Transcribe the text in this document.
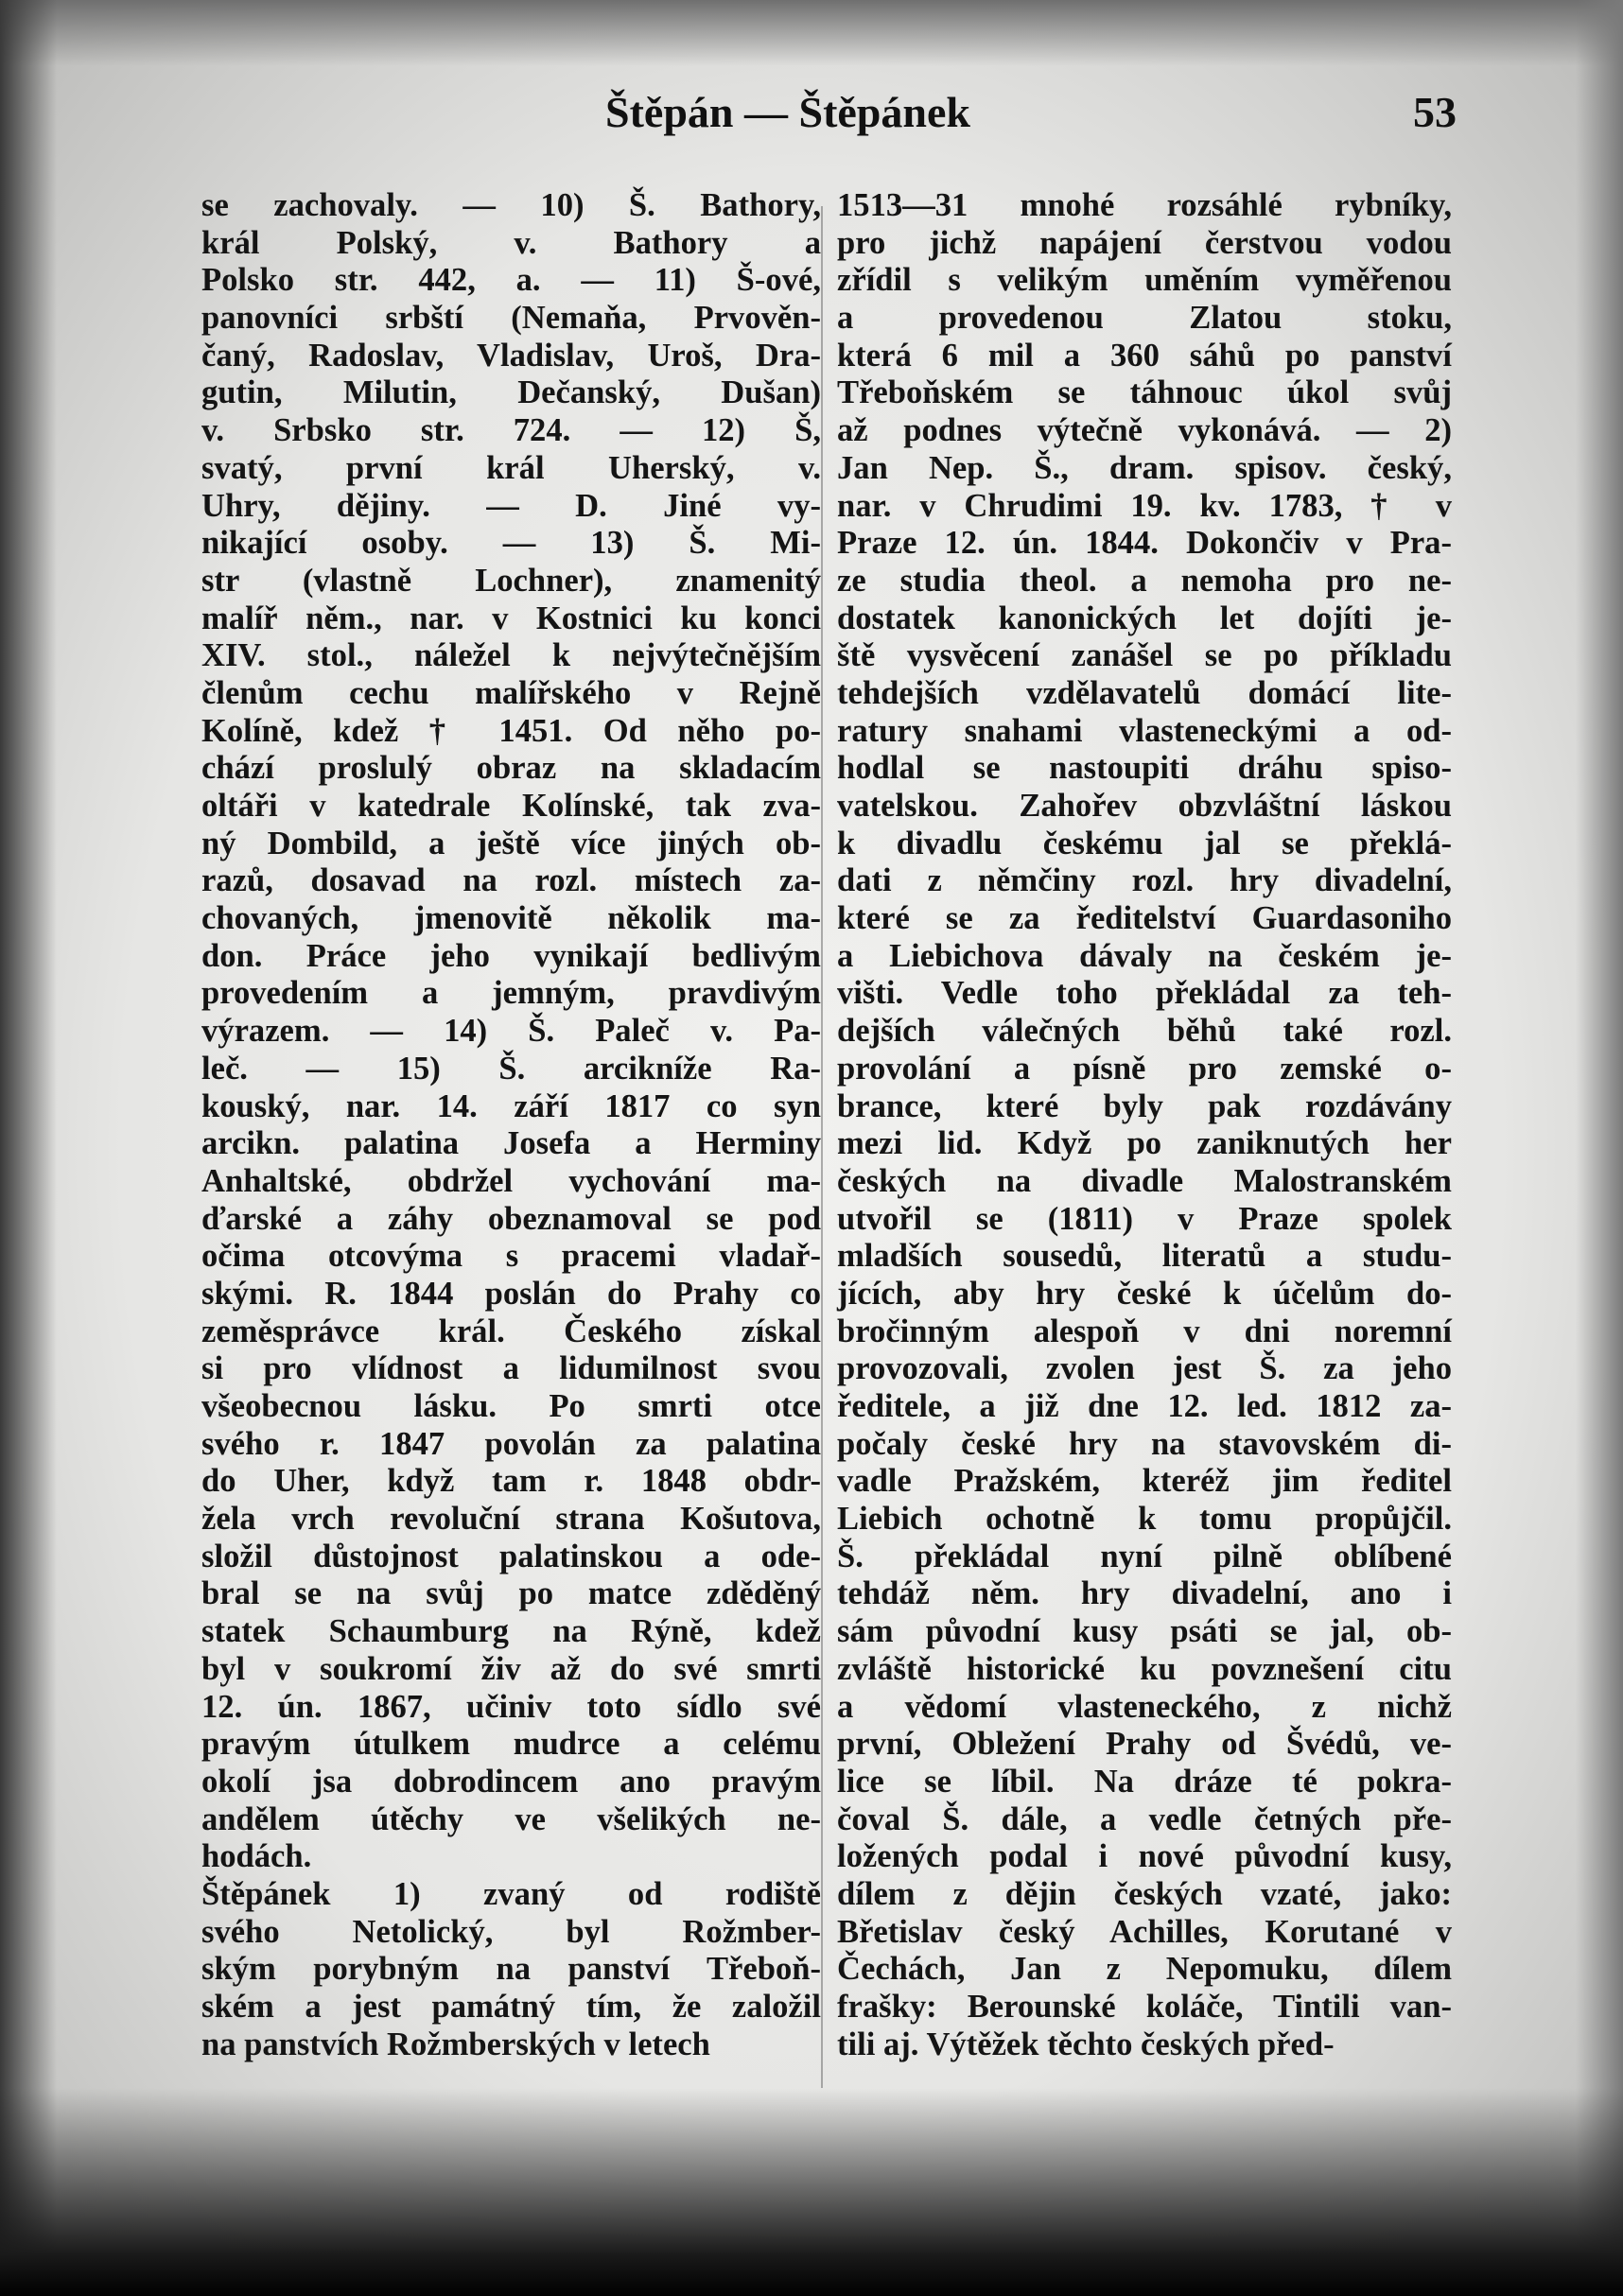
Štěpán — Štěpánek	53
se zachovaly. — 10) Š. Bathory,
král Polský, v. Bathory a
Polsko str. 442, a. — 11) Š-ové,
panovníci srbští (Nemaňa, Prvověn-
čaný, Radoslav, Vladislav, Uroš, Dra-
gutin, Milutin, Dečanský, Dušan)
v. Srbsko str. 724. — 12) Š,
svatý, první král Uherský, v.
Uhry, dějiny. — D. Jiné vy-
nikající osoby. — 13) Š. Mi-
str (vlastně Lochner), znamenitý
malíř něm., nar. v Kostnici ku konci
XIV. stol., náležel k nejvýtečnějším
členům cechu malířského v Rejně
Kolíně, kdež † 1451. Od něho po-
chází proslulý obraz na skladacím
oltáři v katedrale Kolínské, tak zva-
ný Dombild, a ještě více jiných ob-
razů, dosavad na rozl. místech za-
chovaných, jmenovitě několik ma-
don. Práce jeho vynikají bedlivým
provedením a jemným, pravdivým
výrazem. — 14) Š. Paleč v. Pa-
leč. — 15) Š. arcikníže Ra-
kouský, nar. 14. září 1817 co syn
arcikn. palatina Josefa a Herminy
Anhaltské, obdržel vychování ma-
ďarské a záhy obeznamoval se pod
očima otcovýma s pracemi vladař-
skými. R. 1844 poslán do Prahy co
zeměsprávce král. Českého získal
si pro vlídnost a lidumilnost svou
všeobecnou lásku. Po smrti otce
svého r. 1847 povolán za palatina
do Uher, když tam r. 1848 obdr-
žela vrch revoluční strana Košutova,
složil důstojnost palatinskou a ode-
bral se na svůj po matce zděděný
statek Schaumburg na Rýně, kdež
byl v soukromí živ až do své smrti
12. ún. 1867, učiniv toto sídlo své
pravým útulkem mudrce a celému
okolí jsa dobrodincem ano pravým
andělem útěchy ve všelikých ne-
hodách.
Štěpánek 1) zvaný od rodiště
svého Netolický, byl Rožmber-
ským porybným na panství Třeboň-
ském a jest památný tím, že založil
na panstvích Rožmberských v letech
1513—31 mnohé rozsáhlé rybníky,
pro jichž napájení čerstvou vodou
zřídil s velikým uměním vyměřenou
a provedenou Zlatou stoku,
která 6 mil a 360 sáhů po panství
Třeboňském se táhnouc úkol svůj
až podnes výtečně vykonává. — 2)
Jan Nep. Š., dram. spisov. český,
nar. v Chrudimi 19. kv. 1783, † v
Praze 12. ún. 1844. Dokončiv v Pra-
ze studia theol. a nemoha pro ne-
dostatek kanonických let dojíti je-
ště vysvěcení zanášel se po příkladu
tehdejších vzdělavatelů domácí lite-
ratury snahami vlasteneckými a od-
hodlal se nastoupiti dráhu spiso-
vatelskou. Zahořev obzvláštní láskou
k divadlu českému jal se překlá-
dati z němčiny rozl. hry divadelní,
které se za ředitelství Guardasoniho
a Liebichova dávaly na českém je-
višti. Vedle toho překládal za teh-
dejších válečných běhů také rozl.
provolání a písně pro zemské o-
brance, které byly pak rozdávány
mezi lid. Když po zaniknutých her
českých na divadle Malostranském
utvořil se (1811) v Praze spolek
mladších sousedů, literatů a studu-
jících, aby hry české k účelům do-
bročinným alespoň v dni noremní
provozovali, zvolen jest Š. za jeho
ředitele, a již dne 12. led. 1812 za-
počaly české hry na stavovském di-
vadle Pražském, kteréž jim ředitel
Liebich ochotně k tomu propůjčil.
Š. překládal nyní pilně oblíbené
tehdáž něm. hry divadelní, ano i
sám původní kusy psáti se jal, ob-
zvláště historické ku povznešení citu
a vědomí vlasteneckého, z nichž
první, Obležení Prahy od Švédů, ve-
lice se líbil. Na dráze té pokra-
čoval Š. dále, a vedle četných pře-
ložených podal i nové původní kusy,
dílem z dějin českých vzaté, jako:
Břetislav český Achilles, Korutané v
Čechách, Jan z Nepomuku, dílem
frašky: Berounské koláče, Tintili van-
tili aj. Výtěžek těchto českých před-
